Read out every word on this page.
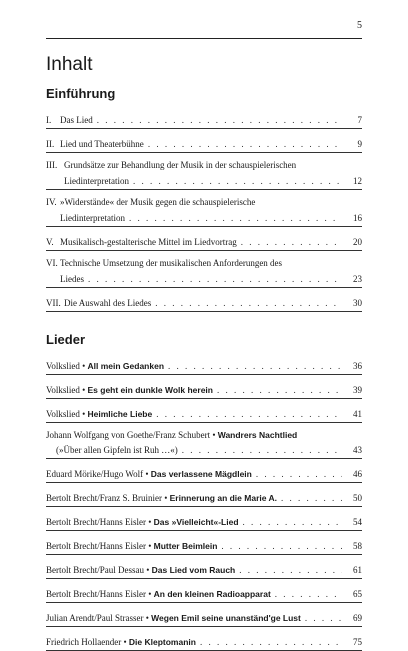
5
Inhalt
Einführung
I. Das Lied . . .	7
II. Lied und Theaterbühne . . .	9
III. Grundsätze zur Behandlung der Musik in der schauspielerischen
Liedinterpretation . . .	12
IV. »Widerstände« der Musik gegen die schauspielerische
Liedinterpretation . . .	16
V. Musikalisch-gestalterische Mittel im Liedvortrag . . .	20
VI. Technische Umsetzung der musikalischen Anforderungen des
Liedes . . .	23
VII. Die Auswahl des Liedes . . .	30
Lieder
Volkslied • All mein Gedanken . . .	36
Volkslied • Es geht ein dunkle Wolk herein . . .	39
Volkslied • Heimliche Liebe . . .	41
Johann Wolfgang von Goethe/Franz Schubert • Wandrers Nachtlied
(»Über allen Gipfeln ist Ruh …«) . . .	43
Eduard Mörike/Hugo Wolf • Das verlassene Mägdlein . . .	46
Bertolt Brecht/Franz S. Bruinier • Erinnerung an die Marie A. . . .	50
Bertolt Brecht/Hanns Eisler • Das »Vielleicht«-Lied . . .	54
Bertolt Brecht/Hanns Eisler • Mutter Beimlein . . .	58
Bertolt Brecht/Paul Dessau • Das Lied vom Rauch . . .	61
Bertolt Brecht/Hanns Eisler • An den kleinen Radioapparat . . .	65
Julian Arendt/Paul Strasser • Wegen Emil seine unanständ'ge Lust . . .	69
Friedrich Hollaender • Die Kleptomanin . . .	75
